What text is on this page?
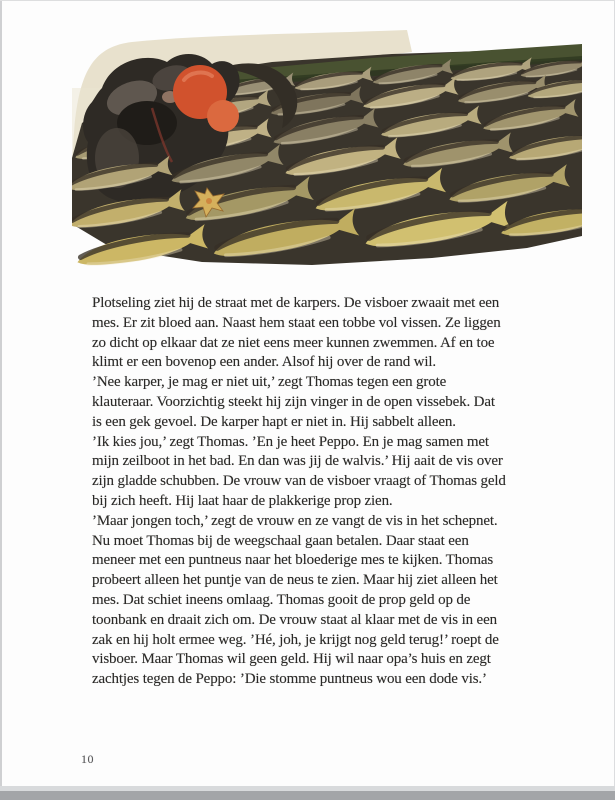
Plotseling ziet hij de straat met de karpers. De visboer zwaait met een
mes. Er zit bloed aan. Naast hem staat een tobbe vol vissen. Ze liggen
zo dicht op elkaar dat ze niet eens meer kunnen zwemmen. Af en toe
klimt er een bovenop een ander. Alsof hij over de rand wil.
’Nee karper, je mag er niet uit,’ zegt Thomas tegen een grote
klauteraar. Voorzichtig steekt hij zijn vinger in de open vissebek. Dat
is een gek gevoel. De karper hapt er niet in. Hij sabbelt alleen.
’Ik kies jou,’ zegt Thomas. ’En je heet Peppo. En je mag samen met
mijn zeilboot in het bad. En dan was jij de walvis.’ Hij aait de vis over
zijn gladde schubben. De vrouw van de visboer vraagt of Thomas geld
bij zich heeft. Hij laat haar de plakkerige prop zien.
’Maar jongen toch,’ zegt de vrouw en ze vangt de vis in het schepnet.
Nu moet Thomas bij de weegschaal gaan betalen. Daar staat een
meneer met een puntneus naar het bloederige mes te kijken. Thomas
probeert alleen het puntje van de neus te zien. Maar hij ziet alleen het
mes. Dat schiet ineens omlaag. Thomas gooit de prop geld op de
toonbank en draait zich om. De vrouw staat al klaar met de vis in een
zak en hij holt ermee weg. ’Hé, joh, je krijgt nog geld terug!’ roept de
visboer. Maar Thomas wil geen geld. Hij wil naar opa’s huis en zegt
zachtjes tegen de Peppo: ’Die stomme puntneus wou een dode vis.’
10
